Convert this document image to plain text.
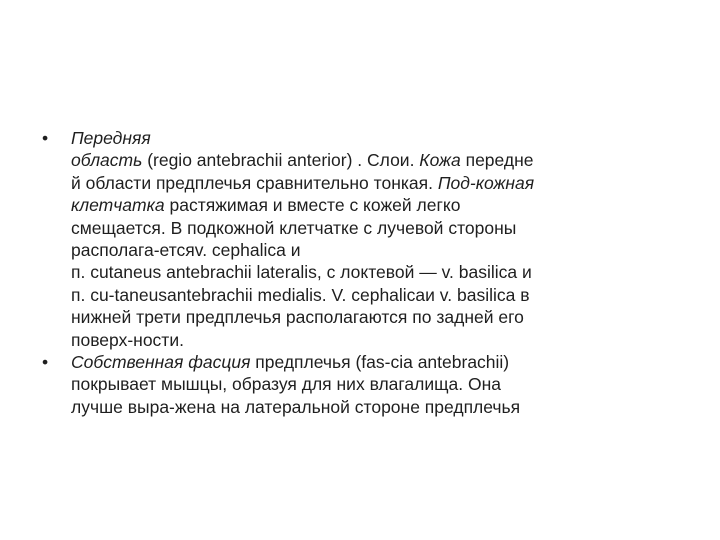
•	Передняя
область (regio antebrachii anterior) . Слои. Кожа передне
й области предплечья сравнительно тонкая. Под-кожная
клетчатка растяжимая и вместе с кожей легко
смещается. В подкожной клетчатке с лучевой стороны
располага-етсяv. cephalica и
п. cutaneus antebrachii lateralis, с локтевой — v. basilica и
п. cu-taneusantebrachii medialis. V. cephalicaи v. basilica в
нижней трети предплечья располагаются по задней его
поверх-ности.
•	Собственная фасция предплечья (fas-cia antebrachii)
покрывает мышцы, образуя для них влагалища. Она
лучше выра-жена на латеральной стороне предплечья
